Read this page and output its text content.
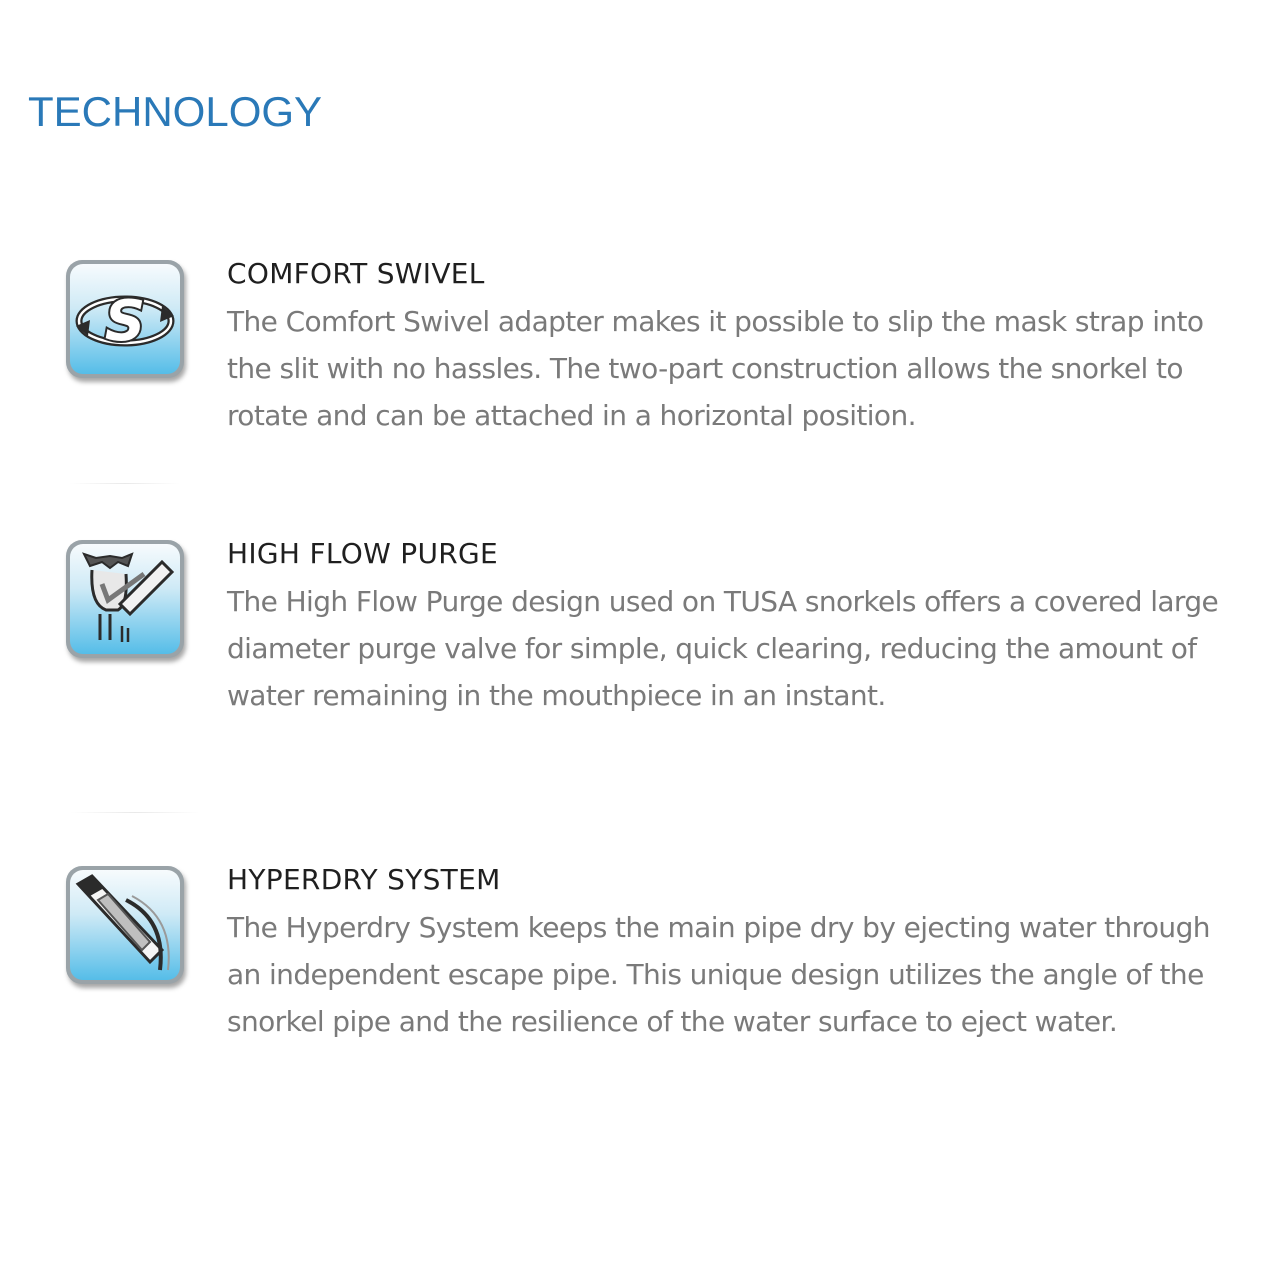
TECHNOLOGY
S
COMFORT SWIVEL

The Comfort Swivel adapter makes it possible to slip the mask strap into the slit with no hassles. The two-part construction allows the snorkel to rotate and can be attached in a horizontal position.

HIGH FLOW PURGE

The High Flow Purge design used on TUSA snorkels offers a covered large diameter purge valve for simple, quick clearing, reducing the amount of water remaining in the mouthpiece in an instant.

HYPERDRY SYSTEM

The Hyperdry System keeps the main pipe dry by ejecting water through an independent escape pipe. This unique design utilizes the angle of the snorkel pipe and the resilience of the water surface to eject water.
